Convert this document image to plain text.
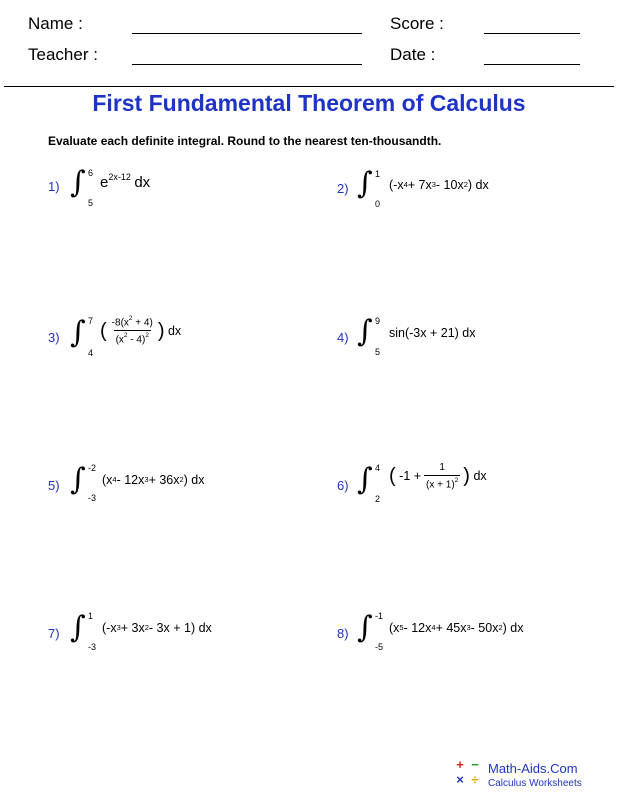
Name :	Score :
Teacher :	Date :
First Fundamental Theorem of Calculus
Evaluate each definite integral. Round to the nearest ten-thousandth.
1) ∫ 6
5
$e^{2x-12}$
dx	2) ∫ 1
0
($-x^4 + 7x^3 - 10x^2$ ) dx
3) ∫ 7
4
( $\frac{-8(x^2 + 4)}{(x^2 - 4)^2}$ )
dx	4) ∫ 9
5
sin(-3x + 21) dx
5) ∫ -2
-3
($x^4 - 12x^3 + 36x^2$ ) dx	6) ∫ 4
2
(
$-1 + \frac{1}{(x + 1)^2}$ )
dx
7) ∫ 1
-3
$(-x^3 + 3x^2 - 3x + 1)$ dx	8) ∫ -1
-5
($x^5 - 12x^4 + 45x^3 - 50x^2$ ) dx
+ −
× ÷
Math-Aids.Com
Calculus Worksheets
